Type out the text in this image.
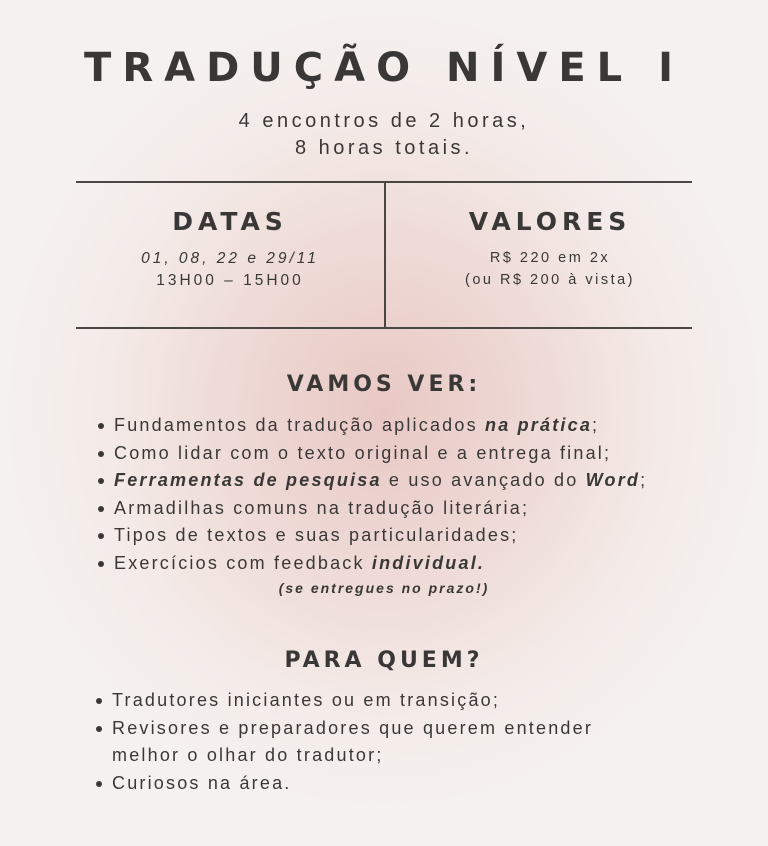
TRADUÇÃO NÍVEL I
4 encontros de 2 horas,
8 horas totais.
DATAS
01, 08, 22 e 29/11
13H00 – 15H00
VALORES
R$ 220 em 2x
(ou R$ 200 à vista)
VAMOS VER:
Fundamentos da tradução aplicados na prática;
Como lidar com o texto original e a entrega final;
Ferramentas de pesquisa e uso avançado do Word;
Armadilhas comuns na tradução literária;
Tipos de textos e suas particularidades;
Exercícios com feedback individual.
(se entregues no prazo!)
PARA QUEM?
Tradutores iniciantes ou em transição;
Revisores e preparadores que querem entender
melhor o olhar do tradutor;
Curiosos na área.
